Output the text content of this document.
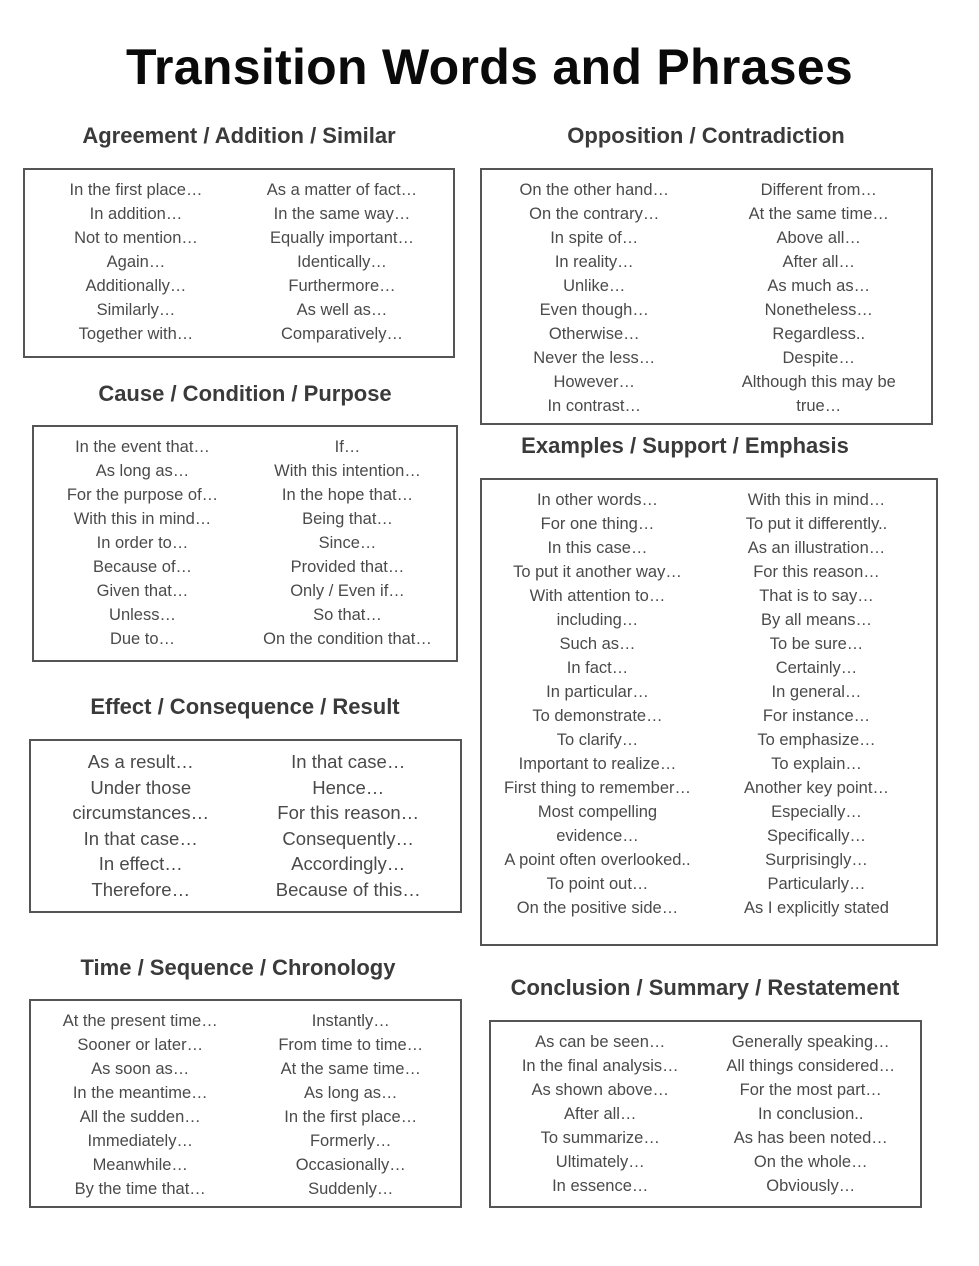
Transition Words and Phrases
Agreement / Addition / Similar
In the first place…
In addition…
Not to mention…
Again…
Additionally…
Similarly…
Together with…
As a matter of fact…
In the same way…
Equally important…
Identically…
Furthermore…
As well as…
Comparatively…
Opposition / Contradiction
On the other hand…
On the contrary…
In spite of…
In reality…
Unlike…
Even though…
Otherwise…
Never the less…
However…
In contrast…
Different from…
At the same time…
Above all…
After all…
As much as…
Nonetheless…
Regardless..
Despite…
Although this may be
true…
Cause / Condition / Purpose
In the event that…
As long as…
For the purpose of…
With this in mind…
In order to…
Because of…
Given that…
Unless…
Due to…
If…
With this intention…
In the hope that…
Being that…
Since…
Provided that…
Only / Even if…
So that…
On the condition that…
Examples / Support / Emphasis
In other words…
For one thing…
In this case…
To put it another way…
With attention to…
including…
Such as…
In fact…
In particular…
To demonstrate…
To clarify…
Important to realize…
First thing to remember…
Most compelling
evidence…
A point often overlooked..
To point out…
On the positive side…
With this in mind…
To put it differently..
As an illustration…
For this reason…
That is to say…
By all means…
To be sure…
Certainly…
In general…
For instance…
To emphasize…
To explain…
Another key point…
Especially…
Specifically…
Surprisingly…
Particularly…
As I explicitly stated
Effect / Consequence / Result
As a result…
Under those
circumstances…
In that case…
In effect…
Therefore…
In that case…
Hence…
For this reason…
Consequently…
Accordingly…
Because of this…
Time / Sequence / Chronology
At the present time…
Sooner or later…
As soon as…
In the meantime…
All the sudden…
Immediately…
Meanwhile…
By the time that…
Instantly…
From time to time…
At the same time…
As long as…
In the first place…
Formerly…
Occasionally…
Suddenly…
Conclusion / Summary / Restatement
As can be seen…
In the final analysis…
As shown above…
After all…
To summarize…
Ultimately…
In essence…
Generally speaking…
All things considered…
For the most part…
In conclusion..
As has been noted…
On the whole…
Obviously…
